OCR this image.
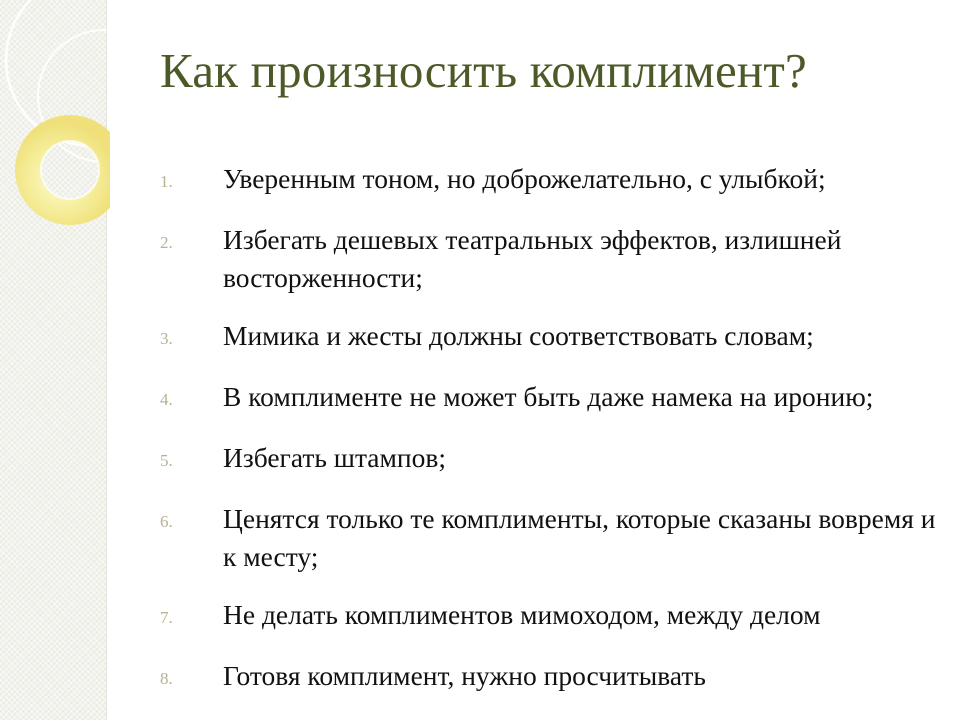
Как произносить комплимент?
1.	Уверенным тоном, но доброжелательно, с улыбкой;
2.	Избегать дешевых театральных эффектов, излишней восторженности;
3.	Мимика и жесты должны соответствовать словам;
4.	В комплименте не может быть даже намека на иронию;
5.	Избегать штампов;
6.	Ценятся только те комплименты, которые сказаны вовремя и к месту;
7.	Не делать комплиментов мимоходом, между делом
8.	Готовя комплимент, нужно просчитывать
